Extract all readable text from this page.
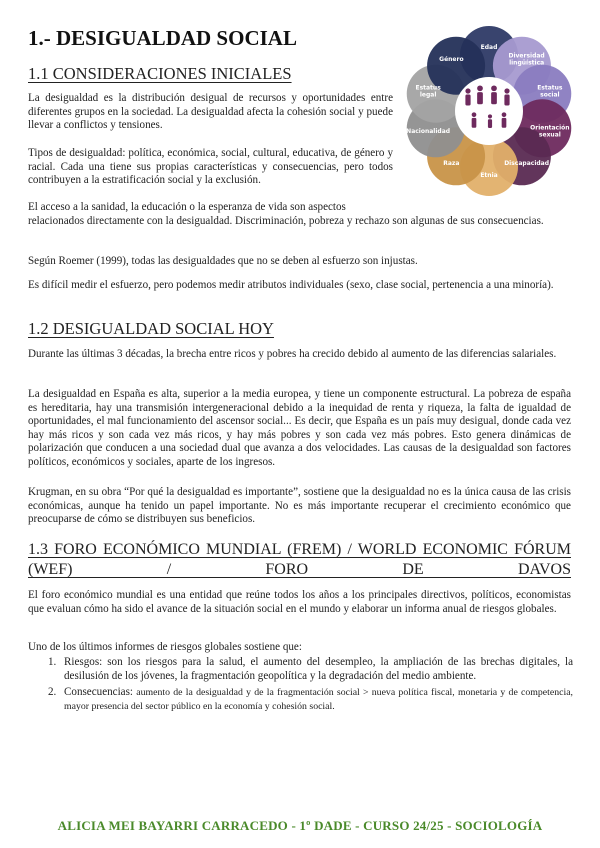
1.- DESIGUALDAD SOCIAL	Edad
Diversidad lingüística
Estatus social
Orientación sexual
Discapacidad
Etnia
Raza
Nacionalidad
Estatus legal
Género
1.1 CONSIDERACIONES INICIALES

La desigualdad es la distribución desigual de recursos y oportunidades entre diferentes grupos en la sociedad. La desigualdad afecta la cohesión social y puede llevar a conflictos y tensiones.

Tipos de desigualdad: política, económica, social, cultural, educativa, de género y racial. Cada una tiene sus propias características y consecuencias, pero todos contribuyen a la estratificación social y la exclusión.

El acceso a la sanidad, la educación o la esperanza de vida son aspectos

relacionados directamente con la desigualdad. Discriminación, pobreza y rechazo son algunas de sus consecuencias.

Según Roemer (1999), todas las desigualdades que no se deben al esfuerzo son injustas.

Es difícil medir el esfuerzo, pero podemos medir atributos individuales (sexo, clase social, pertenencia a una minoría).

1.2 DESIGUALDAD SOCIAL HOY

Durante las últimas 3 décadas, la brecha entre ricos y pobres ha crecido debido al aumento de las diferencias salariales.

La desigualdad en España es alta, superior a la media europea, y tiene un componente estructural. La pobreza de españa es hereditaria, hay una transmisión intergeneracional debido a la inequidad de renta y riqueza, la falta de igualdad de oportunidades, el mal funcionamiento del ascensor social... Es decir, que España es un país muy desigual, donde cada vez hay más ricos y son cada vez más ricos, y hay más pobres y son cada vez más pobres. Esto genera dinámicas de polarización que conducen a una sociedad dual que avanza a dos velocidades. Las causas de la desigualdad son factores políticos, económicos y sociales, aparte de los ingresos.

Krugman, en su obra “Por qué la desigualdad es importante”, sostiene que la desigualdad no es la única causa de las crisis económicas, aunque ha tenido un papel importante. No es más importante recuperar el crecimiento económico que preocuparse de cómo se distribuyen sus beneficios.

1.3 FORO ECONÓMICO MUNDIAL (FREM) / WORLD ECONOMIC FÓRUM (WEF) / FORO DE DAVOS

El foro económico mundial es una entidad que reúne todos los años a los principales directivos, políticos, economistas que evaluan cómo ha sido el avance de la situación social en el mundo y elaborar un informa anual de riesgos globales.

Uno de los últimos informes de riesgos globales sostiene que:

1. Riesgos: son los riesgos para la salud, el aumento del desempleo, la ampliación de las brechas digitales, la desilusión de los jóvenes, la fragmentación geopolítica y la degradación del medio ambiente.
2. Consecuencias: aumento de la desigualdad y de la fragmentación social > nueva política fiscal, monetaria y de competencia, mayor presencia del sector público en la economía y cohesión social.
ALICIA MEI BAYARRI CARRACEDO - 1º DADE - CURSO 24/25 - SOCIOLOGÍA
